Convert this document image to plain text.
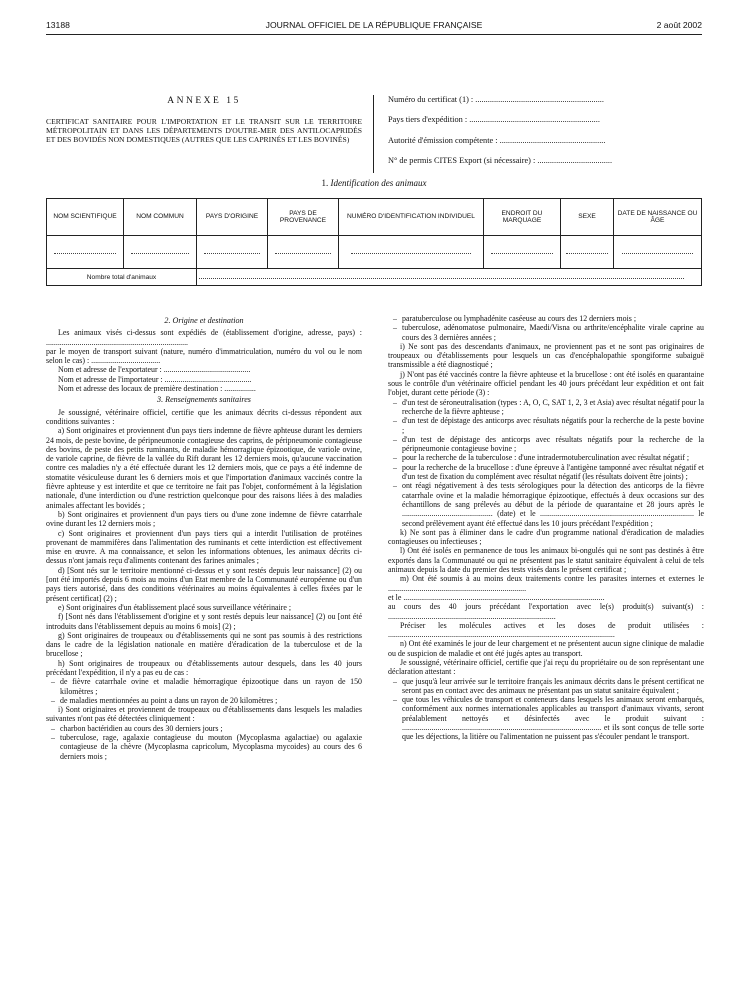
13188	JOURNAL OFFICIEL DE LA RÉPUBLIQUE FRANÇAISE	2 août 2002
ANNEXE 15
CERTIFICAT SANITAIRE POUR L'IMPORTATION ET LE TRANSIT SUR LE TERRITOIRE MÉTROPOLITAIN ET DANS LES DÉPARTEMENTS D'OUTRE-MER DES ANTILOCAPRIDÉS ET DES BOVIDÉS NON DOMESTIQUES (AUTRES QUE LES CAPRINÉS ET LES BOVINÉS)
Numéro du certificat (1) : ..............................................................
Pays tiers d'expédition : ...............................................................
Autorité d'émission compétente : ...................................................
N° de permis CITES Export (si nécessaire) : ....................................
1. Identification des animaux
NOM SCIENTIFIQUE	NOM COMMUN	PAYS D'ORIGINE	PAYS DE PROVENANCE	NUMÉRO D'IDENTIFICATION INDIVIDUEL	ENDROIT DU MARQUAGE	SEXE	DATE DE NAISSANCE OU ÂGE

Nombre total d'animaux							
2. Origine et destination

Les animaux visés ci-dessus sont expédiés de (établissement d'origine, adresse, pays) : ........................................................................

par le moyen de transport suivant (nature, numéro d'immatriculation, numéro du vol ou le nom selon le cas) : ...................................

Nom et adresse de l'exportateur : ............................................

Nom et adresse de l'importateur : ............................................

Nom et adresse des locaux de première destination : ................

3. Renseignements sanitaires

Je soussigné, vétérinaire officiel, certifie que les animaux décrits ci-dessus répondent aux conditions suivantes :

a) Sont originaires et proviennent d'un pays tiers indemne de fièvre aphteuse durant les derniers 24 mois, de peste bovine, de péripneumonie contagieuse des caprins, de péripneumonie contagieuse des bovins, de peste des petits ruminants, de maladie hémorragique épizootique, de variole ovine, de variole caprine, de fièvre de la vallée du Rift durant les 12 derniers mois, qu'aucune vaccination contre ces maladies n'y a été effectuée durant les 12 derniers mois, que ce pays a été indemne de stomatite vésiculeuse durant les 6 derniers mois et que l'importation d'animaux vaccinés contre la fièvre aphteuse y est interdite et que ce territoire ne fait pas l'objet, conformément à la législation nationale, d'une interdiction ou d'une restriction quelconque pour des raisons liées à des maladies animales affectant les bovidés ;

b) Sont originaires et proviennent d'un pays tiers ou d'une zone indemne de fièvre catarrhale ovine durant les 12 derniers mois ;

c) Sont originaires et proviennent d'un pays tiers qui a interdit l'utilisation de protéines provenant de mammifères dans l'alimentation des ruminants et cette interdiction est effectivement mise en œuvre. A ma connaissance, et selon les informations obtenues, les animaux décrits ci-dessus n'ont jamais reçu d'aliments contenant des farines animales ;

d) [Sont nés sur le territoire mentionné ci-dessus et y sont restés depuis leur naissance] (2) ou [ont été importés depuis 6 mois au moins d'un Etat membre de la Communauté européenne ou d'un pays tiers autorisé, dans des conditions vétérinaires au moins équivalentes à celles fixées par le présent certificat] (2) ;

e) Sont originaires d'un établissement placé sous surveillance vétérinaire ;

f) [Sont nés dans l'établissement d'origine et y sont restés depuis leur naissance] (2) ou [ont été introduits dans l'établissement depuis au moins 6 mois] (2) ;

g) Sont originaires de troupeaux ou d'établissements qui ne sont pas soumis à des restrictions dans le cadre de la législation nationale en matière d'éradication de la tuberculose et de la brucellose ;

h) Sont originaires de troupeaux ou d'établissements autour desquels, dans les 40 jours précédant l'expédition, il n'y a pas eu de cas :

– de fièvre catarrhale ovine et maladie hémorragique épizootique dans un rayon de 150 kilomètres ;
– de maladies mentionnées au point a dans un rayon de 20 kilomètres ;

i) Sont originaires et proviennent de troupeaux ou d'établissements dans lesquels les maladies suivantes n'ont pas été détectées cliniquement :

– charbon bactéridien au cours des 30 derniers jours ;
– tuberculose, rage, agalaxie contagieuse du mouton (Mycoplasma agalactiae) ou agalaxie contagieuse de la chèvre (Mycoplasma capricolum, Mycoplasma mycoides) au cours des 6 derniers mois ;
– paratuberculose ou lymphadénite caséeuse au cours des 12 derniers mois ;
– tuberculose, adénomatose pulmonaire, Maedi/Visna ou arthrite/encéphalite virale caprine au cours des 3 dernières années ;

i) Ne sont pas des descendants d'animaux, ne proviennent pas et ne sont pas originaires de troupeaux ou d'établissements pour lesquels un cas d'encéphalopathie spongiforme subaiguë transmissible a été diagnostiqué ;

j) N'ont pas été vaccinés contre la fièvre aphteuse et la brucellose : ont été isolés en quarantaine sous le contrôle d'un vétérinaire officiel pendant les 40 jours précédant leur expédition et ont fait l'objet, durant cette période (3) :

– d'un test de séroneutralisation (types : A, O, C, SAT 1, 2, 3 et Asia) avec résultat négatif pour la recherche de la fièvre aphteuse ;
– d'un test de dépistage des anticorps avec résultats négatifs pour la recherche de la peste bovine ;
– d'un test de dépistage des anticorps avec résultats négatifs pour la recherche de la péripneumonie contagieuse bovine ;
– pour la recherche de la tuberculose : d'une intradermotuberculination avec résultat négatif ;
– pour la recherche de la brucellose : d'une épreuve à l'antigène tamponné avec résultat négatif et d'un test de fixation du complément avec résultat négatif (les résultats doivent être joints) ;
– ont réagi négativement à des tests sérologiques pour la détection des anticorps de la fièvre catarrhale ovine et la maladie hémorragique épizootique, effectués à deux occasions sur des échantillons de sang prélevés au début de la période de quarantaine et 28 jours après le .............................................. (date) et le .............................................................................. le second prélèvement ayant été effectué dans les 10 jours précédant l'expédition ;

k) Ne sont pas à éliminer dans le cadre d'un programme national d'éradication de maladies contagieuses ou infectieuses ;

l) Ont été isolés en permanence de tous les animaux bi-ongulés qui ne sont pas destinés à être exportés dans la Communauté ou qui ne présentent pas le statut sanitaire équivalent à celui de tels animaux depuis la date du premier des tests visés dans le présent certificat ;

m) Ont été soumis à au moins deux traitements contre les parasites internes et externes le ......................................................................

et le ......................................................................................................

au cours des 40 jours précédant l'exportation avec le(s) produit(s) suivant(s) : .....................................................................................

Préciser les molécules actives et les doses de produit utilisées : ...................................................................................................................

n) Ont été examinés le jour de leur chargement et ne présentent aucun signe clinique de maladie ou de suspicion de maladie et ont été jugés aptes au transport.

Je soussigné, vétérinaire officiel, certifie que j'ai reçu du propriétaire ou de son représentant une déclaration attestant :

– que jusqu'à leur arrivée sur le territoire français les animaux décrits dans le présent certificat ne seront pas en contact avec des animaux ne présentant pas un statut sanitaire équivalent ;
– que tous les véhicules de transport et conteneurs dans lesquels les animaux seront embarqués, conformément aux normes internationales applicables au transport d'animaux vivants, seront préalablement nettoyés et désinfectés avec le produit suivant : ..................................................................................................... et ils sont conçus de telle sorte que les déjections, la litière ou l'alimentation ne puissent pas s'écouler pendant le transport.
